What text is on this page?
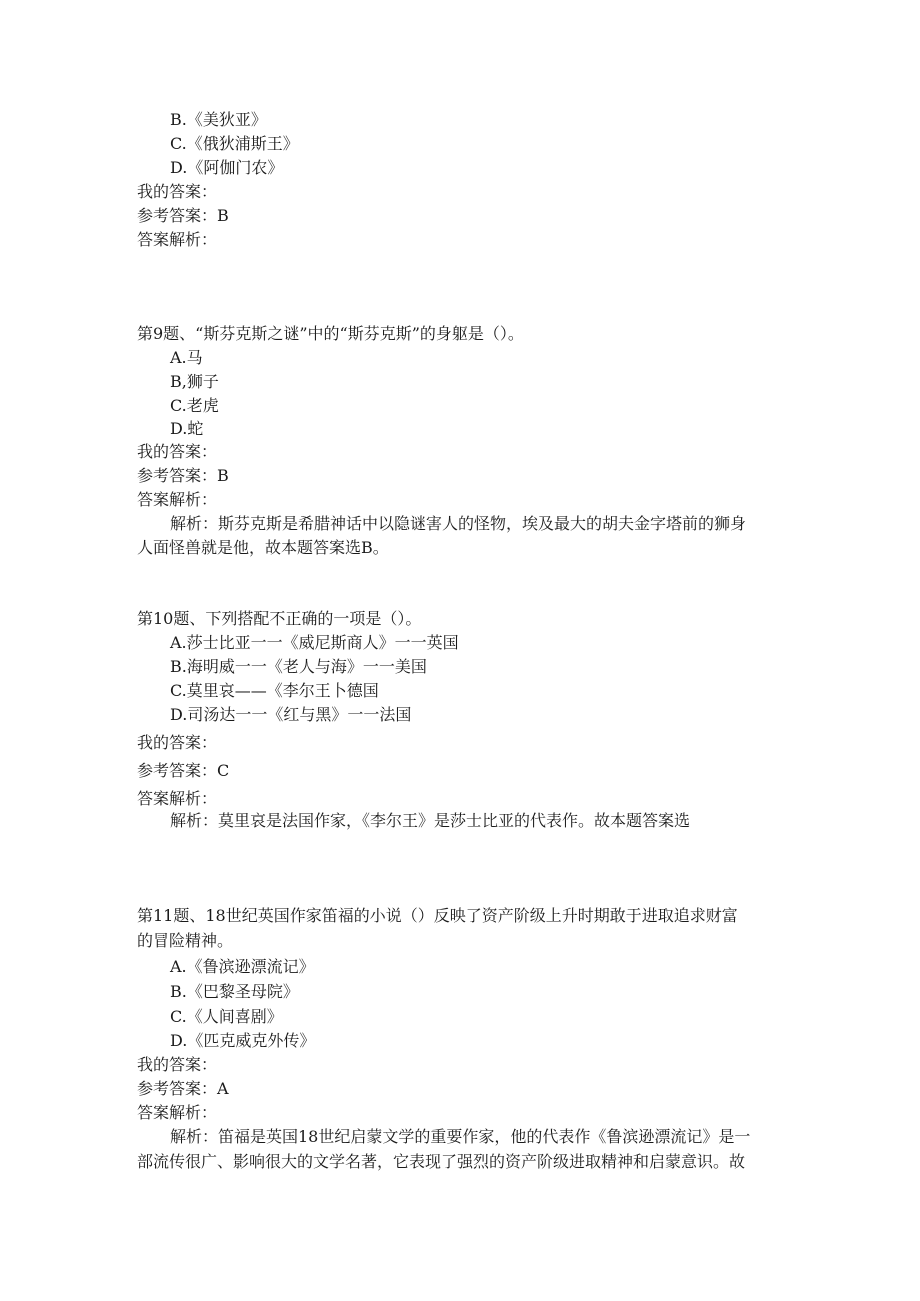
B.《美狄亚》
C.《俄狄浦斯王》
D.《阿伽门农》
我的答案：
参考答案：B
答案解析：
第9题、“斯芬克斯之谜”中的“斯芬克斯”的身躯是（）。
A.马
B,狮子
C.老虎
D.蛇
我的答案：
参考答案：B
答案解析：
解析：斯芬克斯是希腊神话中以隐谜害人的怪物，埃及最大的胡夫金字塔前的狮身
人面怪兽就是他，故本题答案选B。
第10题、下列搭配不正确的一项是（）。
A.莎士比亚一一《威尼斯商人》一一英国
B.海明威一一《老人与海》一一美国
C.莫里哀——《李尔王卜德国
D.司汤达一一《红与黑》一一法国
我的答案：
参考答案：C
答案解析：
解析：莫里哀是法国作家，《李尔王》是莎士比亚的代表作。故本题答案选
第11题、18世纪英国作家笛福的小说（）反映了资产阶级上升时期敢于进取追求财富
的冒险精神。
A.《鲁滨逊漂流记》
B.《巴黎圣母院》
C.《人间喜剧》
D.《匹克威克外传》
我的答案：
参考答案：A
答案解析：
解析：笛福是英国18世纪启蒙文学的重要作家，他的代表作《鲁滨逊漂流记》是一
部流传很广、影响很大的文学名著，它表现了强烈的资产阶级进取精神和启蒙意识。故
